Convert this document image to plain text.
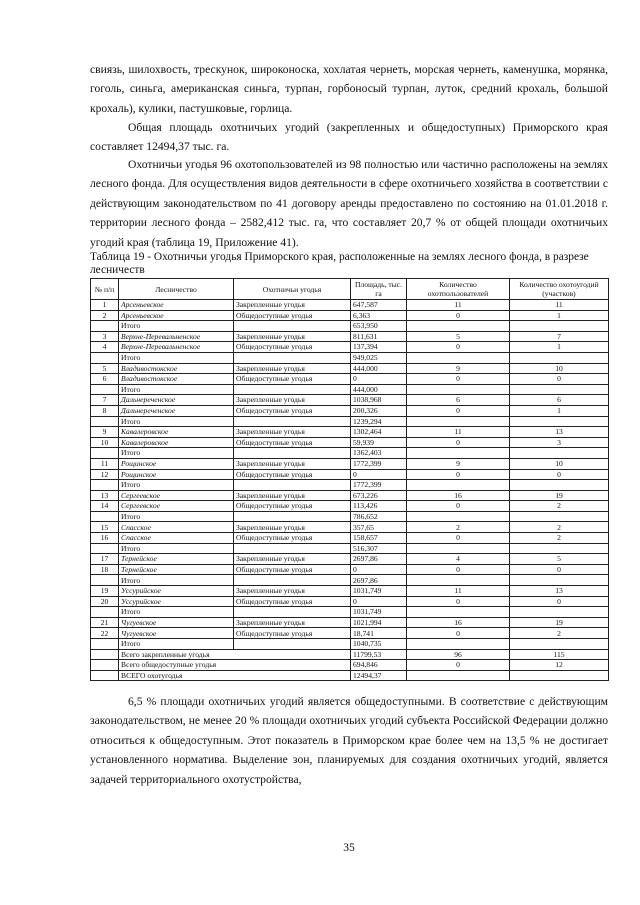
свиязь, шилохвость, трескунок, широконоска, хохлатая чернеть, морская чернеть, каменушка, морянка, гоголь, синьга, американская синьга, турпан, горбоносый турпан, луток, средний крохаль, большой крохаль), кулики, пастушковые, горлица.

Общая площадь охотничьих угодий (закрепленных и общедоступных) Приморского края составляет 12494,37 тыс. га.

Охотничьи угодья 96 охотопользователей из 98 полностью или частично расположены на землях лесного фонда. Для осуществления видов деятельности в сфере охотничьего хозяйства в соответствии с действующим законодательством по 41 договору аренды предоставлено по состоянию на 01.01.2018 г. территории лесного фонда – 2582,412 тыс. га, что составляет 20,7 % от общей площади охотничьих угодий края (таблица 19, Приложение 41).

Таблица 19 - Охотничьи угодья Приморского края, расположенные на землях лесного фонда, в разрезе лесничеств
№ п/п	Лесничество	Охотничьи угодья	Площадь, тыс. га	Количество охотпользователей	Количество охотоугодий (участков)
1	Арсеньевское	Закрепленные угодья	647,587	11	11
2	Арсеньевское	Общедоступные угодья	6,363	0	1
	Итого		653,950		
3	Верхне-Перевальненское	Закрепленные угодья	811,631	5	7
4	Верхне-Перевальненское	Общедоступные угодья	137,394	0	1
	Итого		949,025		
5	Владивостокское	Закрепленные угодья	444,000	9	10
6	Владивостокское	Общедоступные угодья	0	0	0
	Итого		444,000		
7	Дальнереченское	Закрепленные угодья	1038,968	6	6
8	Дальнереченское	Общедоступные угодья	200,326	0	1
	Итого		1239,294		
9	Кавалеровское	Закрепленные угодья	1302,464	11	13
10	Кавалеровское	Общедоступные угодья	59,939	0	3
	Итого		1362,403		
11	Рощинское	Закрепленные угодья	1772,399	9	10
12	Рощинское	Общедоступные угодья	0	0	0
	Итого		1772,399		
13	Сергеевское	Закрепленные угодья	673,226	16	19
14	Сергеевское	Общедоступные угодья	113,426	0	2
	Итого		786,652		
15	Спасское	Закрепленные угодья	357,65	2	2
16	Спасское	Общедоступные угодья	158,657	0	2
	Итого		516,307		
17	Тернейское	Закрепленные угодья	2697,86	4	5
18	Тернейское	Общедоступные угодья	0	0	0
	Итого		2697,86		
19	Уссурийское	Закрепленные угодья	1031,749	11	13
20	Уссурийское	Общедоступные угодья	0	0	0
	Итого		1031,749		
21	Чугуевское	Закрепленные угодья	1021,994	16	19
22	Чугуевское	Общедоступные угодья	18,741	0	2
	Итого		1040,735		
	Всего закрепленные угодья		11799,53	96	115
	Всего общедоступные угодья		694,846	0	12
	ВСЕГО охотугодья		12494,37		

6,5 % площади охотничьих угодий является общедоступными. В соответствие с действующим законодательством, не менее 20 % площади охотничьих угодий субъекта Российской Федерации должно относиться к общедоступным. Этот показатель в Приморском крае более чем на 13,5 % не достигает установленного норматива. Выделение зон, планируемых для создания охотничьих угодий, является задачей территориального охотустройства,

35
